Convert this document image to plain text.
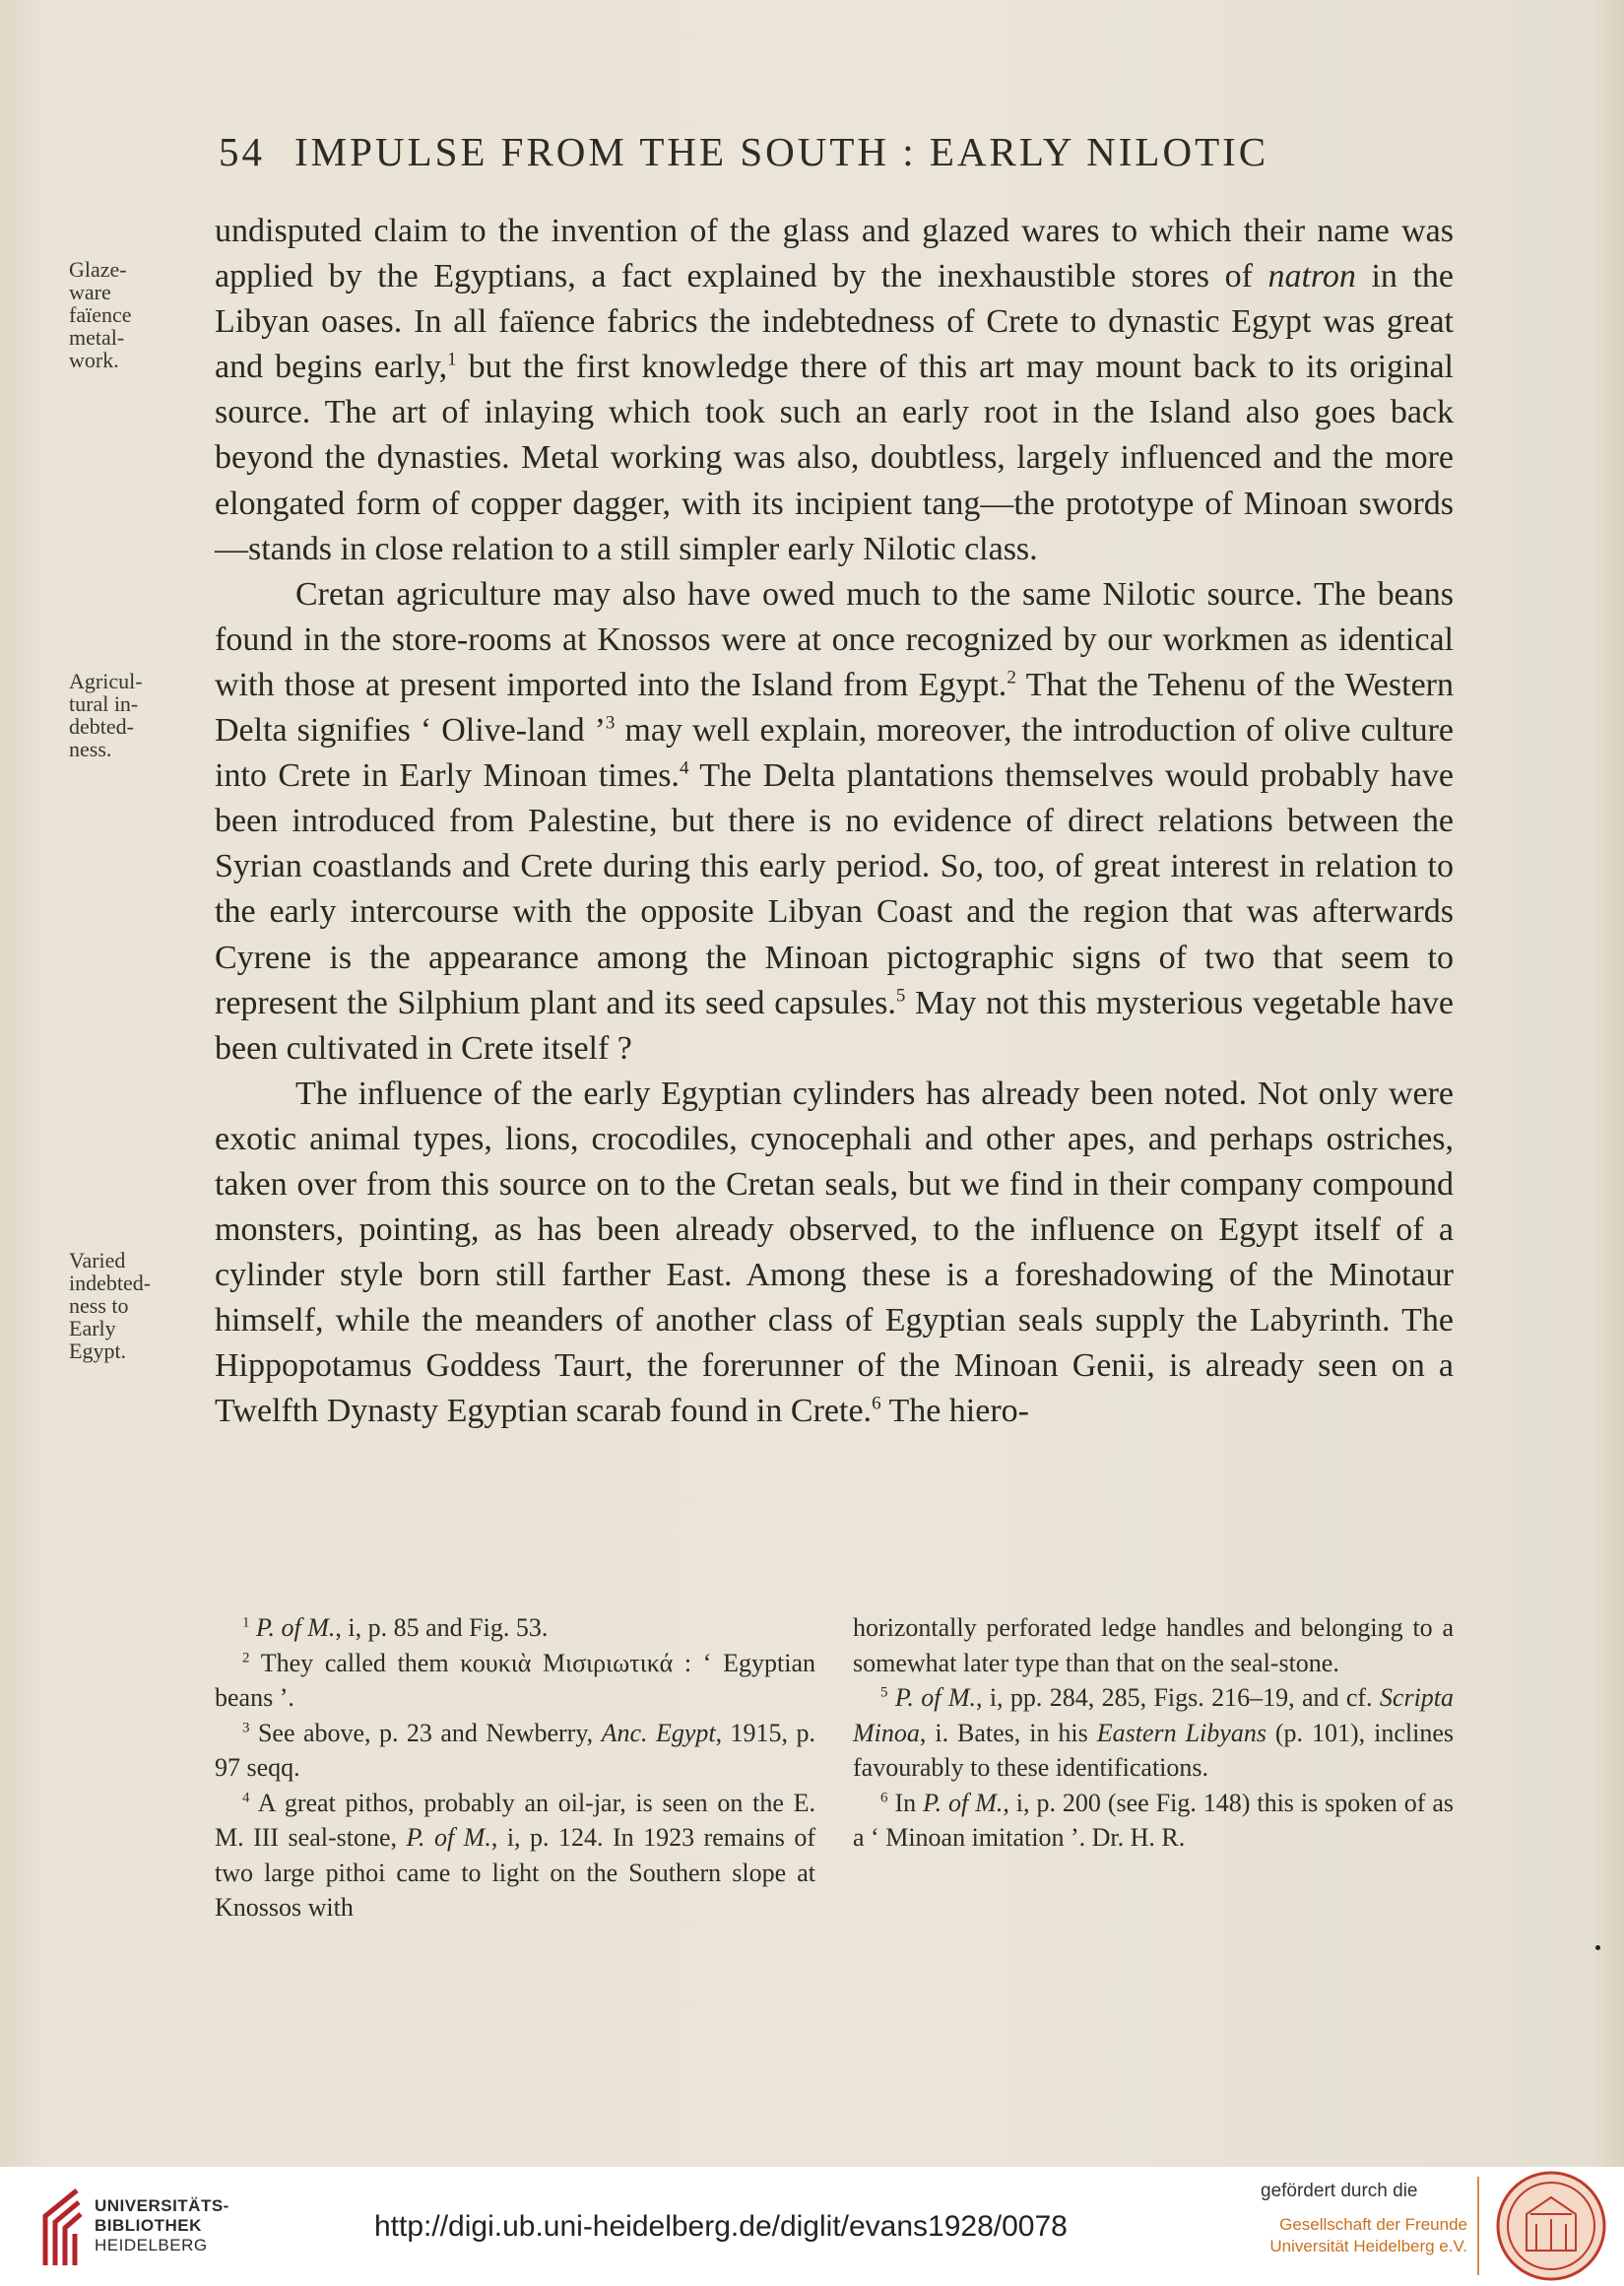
54 IMPULSE FROM THE SOUTH : EARLY NILOTIC
Glaze-
ware
faïence
metal-
work.
Agricul-
tural in-
debted-
ness.
Varied
indebted-
ness to
Early
Egypt.

undisputed claim to the invention of the glass and glazed wares to which their name was applied by the Egyptians, a fact explained by the inexhaustible stores of natron in the Libyan oases. In all faïence fabrics the indebtedness of Crete to dynastic Egypt was great and begins early,$^1$ but the first knowledge there of this art may mount back to its original source. The art of inlaying which took such an early root in the Island also goes back beyond the dynasties. Metal working was also, doubtless, largely influenced and the more elongated form of copper dagger, with its incipient tang—the prototype of Minoan swords—stands in close relation to a still simpler early Nilotic class.

Cretan agriculture may also have owed much to the same Nilotic source. The beans found in the store-rooms at Knossos were at once recognized by our workmen as identical with those at present imported into the Island from Egypt.$^2$ That the Tehenu of the Western Delta signifies ‘ Olive-land ’$^3$ may well explain, moreover, the introduction of olive culture into Crete in Early Minoan times.$^4$ The Delta plantations themselves would probably have been introduced from Palestine, but there is no evidence of direct relations between the Syrian coastlands and Crete during this early period. So, too, of great interest in relation to the early intercourse with the opposite Libyan Coast and the region that was afterwards Cyrene is the appearance among the Minoan pictographic signs of two that seem to represent the Silphium plant and its seed capsules.$^5$ May not this mysterious vegetable have been cultivated in Crete itself ?

The influence of the early Egyptian cylinders has already been noted. Not only were exotic animal types, lions, crocodiles, cynocephali and other apes, and perhaps ostriches, taken over from this source on to the Cretan seals, but we find in their company compound monsters, pointing, as has been already observed, to the influence on Egypt itself of a cylinder style born still farther East. Among these is a foreshadowing of the Minotaur himself, while the meanders of another class of Egyptian seals supply the Labyrinth. The Hippopotamus Goddess Taurt, the forerunner of the Minoan Genii, is already seen on a Twelfth Dynasty Egyptian scarab found in Crete.$^6$ The hiero-

$^1$ P. of M., i, p. 85 and Fig. 53.

$^2$ They called them κουκιὰ Μισιριωτικά : ‘ Egyptian beans ’.

$^3$ See above, p. 23 and Newberry, Anc. Egypt, 1915, p. 97 seqq.

$^4$ A great pithos, probably an oil-jar, is seen on the E. M. III seal-stone, P. of M., i, p. 124. In 1923 remains of two large pithoi came to light on the Southern slope at Knossos with

horizontally perforated ledge handles and belonging to a somewhat later type than that on the seal-stone.

$^5$ P. of M., i, pp. 284, 285, Figs. 216–19, and cf. Scripta Minoa, i. Bates, in his Eastern Libyans (p. 101), inclines favourably to these identifications.

$^6$ In P. of M., i, p. 200 (see Fig. 148) this is spoken of as a ‘ Minoan imitation ’. Dr. H. R.

UNIVERSITÄTS-
BIBLIOTHEK
HEIDELBERG
http://digi.ub.uni-heidelberg.de/diglit/evans1928/0078
gefördert durch die
Gesellschaft der Freunde
Universität Heidelberg e.V.
